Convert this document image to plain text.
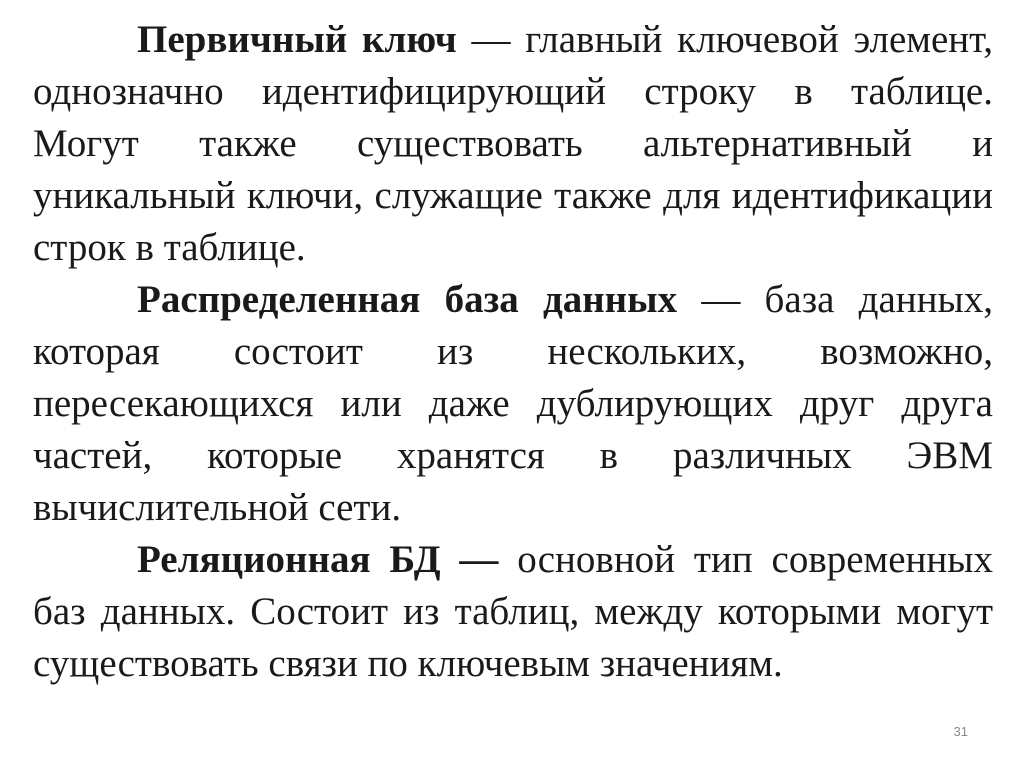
Первичный ключ — главный ключевой элемент, однозначно идентифицирующий строку в таблице. Могут также существовать альтернативный и уникальный ключи, служащие также для идентификации строк в таблице.

Распределенная база данных — база данных, которая состоит из нескольких, возможно, пересекающихся или даже дублирующих друг друга частей, которые хранятся в различных ЭВМ вычислительной сети.

Реляционная БД — основной тип современных баз данных. Состоит из таблиц, между которыми могут существовать связи по ключевым значениям.

31
